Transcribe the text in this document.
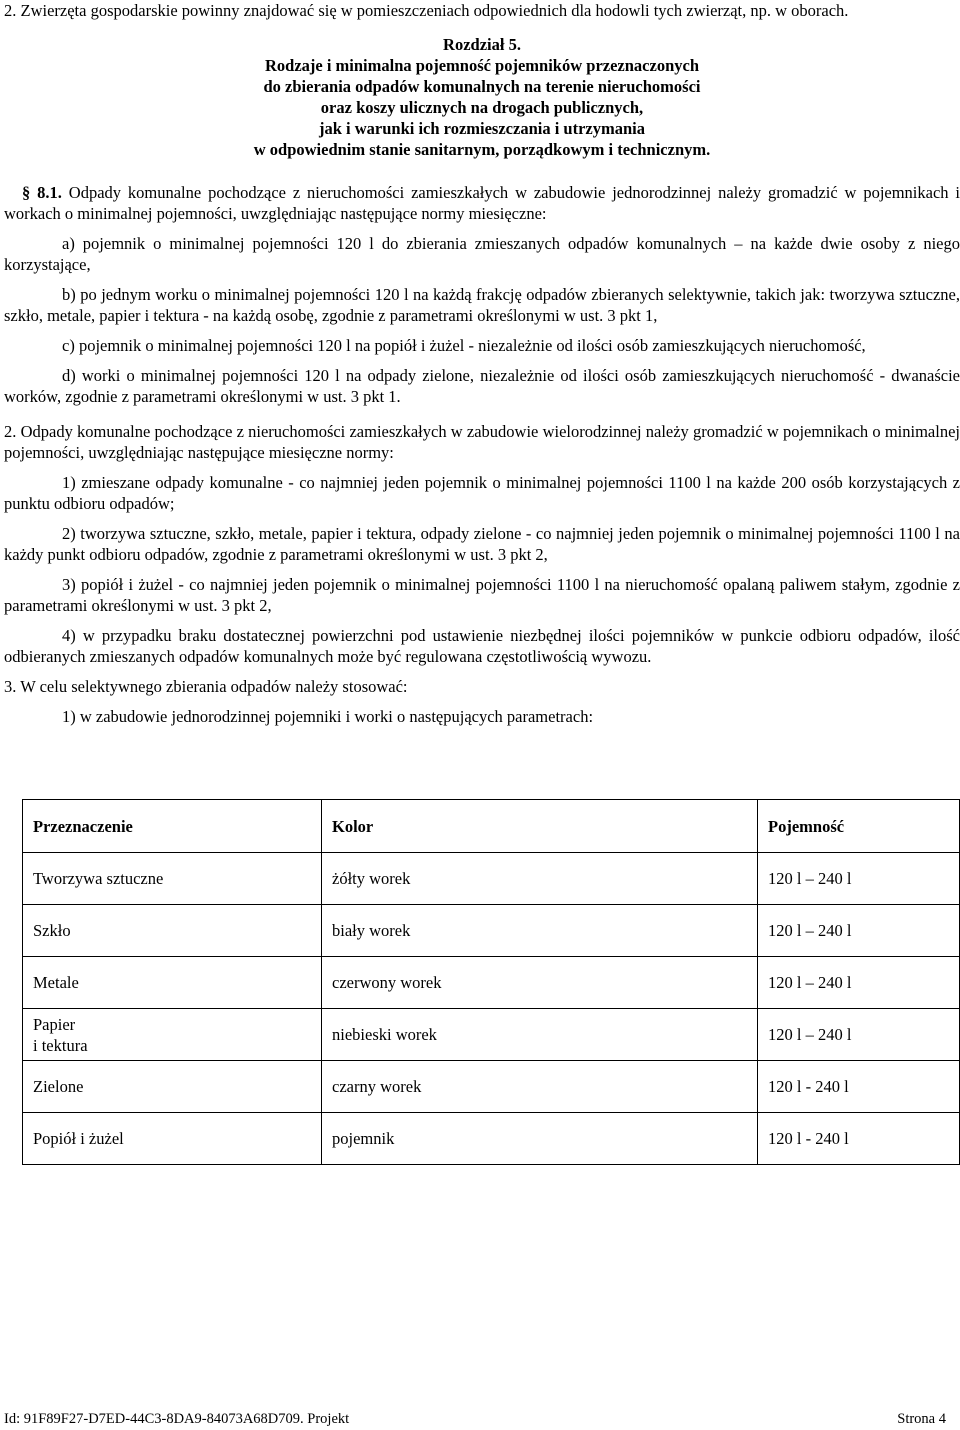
2. Zwierzęta gospodarskie powinny znajdować się w pomieszczeniach odpowiednich dla hodowli tych zwierząt, np. w oborach.

Rozdział 5.
Rodzaje i minimalna pojemność pojemników przeznaczonych
do zbierania odpadów komunalnych na terenie nieruchomości
oraz koszy ulicznych na drogach publicznych,
jak i warunki ich rozmieszczania i utrzymania
w odpowiednim stanie sanitarnym, porządkowym i technicznym.

§ 8.1. Odpady komunalne pochodzące z nieruchomości zamieszkałych w zabudowie jednorodzinnej należy gromadzić w pojemnikach i workach o minimalnej pojemności, uwzględniając następujące normy miesięczne:

a) pojemnik o minimalnej pojemności 120 l do zbierania zmieszanych odpadów komunalnych – na każde dwie osoby z niego korzystające,

b) po jednym worku o minimalnej pojemności 120 l na każdą frakcję odpadów zbieranych selektywnie, takich jak: tworzywa sztuczne, szkło, metale, papier i tektura - na każdą osobę, zgodnie z parametrami określonymi w ust. 3 pkt 1,

c) pojemnik o minimalnej pojemności 120 l na popiół i żużel - niezależnie od ilości osób zamieszkujących nieruchomość,

d) worki o minimalnej pojemności 120 l na odpady zielone, niezależnie od ilości osób zamieszkujących nieruchomość - dwanaście worków, zgodnie z parametrami określonymi w ust. 3 pkt 1.

2. Odpady komunalne pochodzące z nieruchomości zamieszkałych w zabudowie wielorodzinnej należy gromadzić w pojemnikach o minimalnej pojemności, uwzględniając następujące miesięczne normy:

1) zmieszane odpady komunalne - co najmniej jeden pojemnik o minimalnej pojemności 1100 l na każde 200 osób korzystających z punktu odbioru odpadów;

2) tworzywa sztuczne, szkło, metale, papier i tektura, odpady zielone - co najmniej jeden pojemnik o minimalnej pojemności 1100 l na każdy punkt odbioru odpadów, zgodnie z parametrami określonymi w ust. 3 pkt 2,

3) popiół i żużel - co najmniej jeden pojemnik o minimalnej pojemności 1100 l na nieruchomość opalaną paliwem stałym, zgodnie z parametrami określonymi w ust. 3 pkt 2,

4) w przypadku braku dostatecznej powierzchni pod ustawienie niezbędnej ilości pojemników w punkcie odbioru odpadów, ilość odbieranych zmieszanych odpadów komunalnych może być regulowana częstotliwością wywozu.

3. W celu selektywnego zbierania odpadów należy stosować:

1) w zabudowie jednorodzinnej pojemniki i worki o następujących parametrach:

Przeznaczenie	Kolor	Pojemność
Tworzywa sztuczne	żółty worek	120 l – 240 l
Szkło	biały worek	120 l – 240 l
Metale	czerwony worek	120 l – 240 l
Papier
i tektura	niebieski worek	120 l – 240 l
Zielone	czarny worek	120 l - 240 l
Popiół i żużel	pojemnik	120 l - 240 l
Id: 91F89F27-D7ED-44C3-8DA9-84073A68D709. Projekt	Strona 4
